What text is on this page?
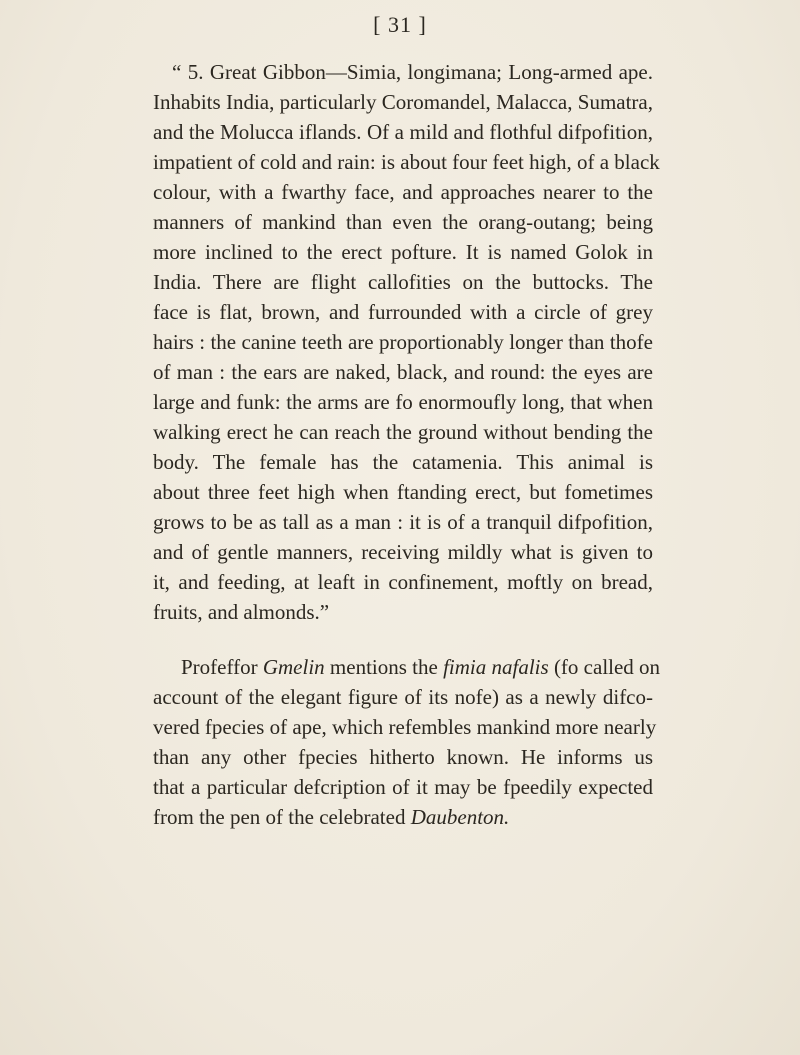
[ 31 ]
“ 5. Great Gibbon—Simia, longimana; Long-armed ape.
Inhabits India, particularly Coromandel, Malacca, Sumatra,
and the Molucca iflands. Of a mild and flothful difpofition,
impatient of cold and rain: is about four feet high, of a black
colour, with a fwarthy face, and approaches nearer to the
manners of mankind than even the orang-outang; being
more inclined to the erect pofture. It is named Golok in
India. There are flight callofities on the buttocks. The
face is flat, brown, and furrounded with a circle of grey
hairs : the canine teeth are proportionably longer than thofe
of man : the ears are naked, black, and round: the eyes are
large and funk: the arms are fo enormoufly long, that when
walking erect he can reach the ground without bending the
body. The female has the catamenia. This animal is
about three feet high when ftanding erect, but fometimes
grows to be as tall as a man : it is of a tranquil difpofition,
and of gentle manners, receiving mildly what is given to
it, and feeding, at leaft in confinement, moftly on bread,
fruits, and almonds.”
Profeffor Gmelin mentions the fimia nafalis (fo called on
account of the elegant figure of its nofe) as a newly difco-
vered fpecies of ape, which refembles mankind more nearly
than any other fpecies hitherto known. He informs us
that a particular defcription of it may be fpeedily expected
from the pen of the celebrated Daubenton.
